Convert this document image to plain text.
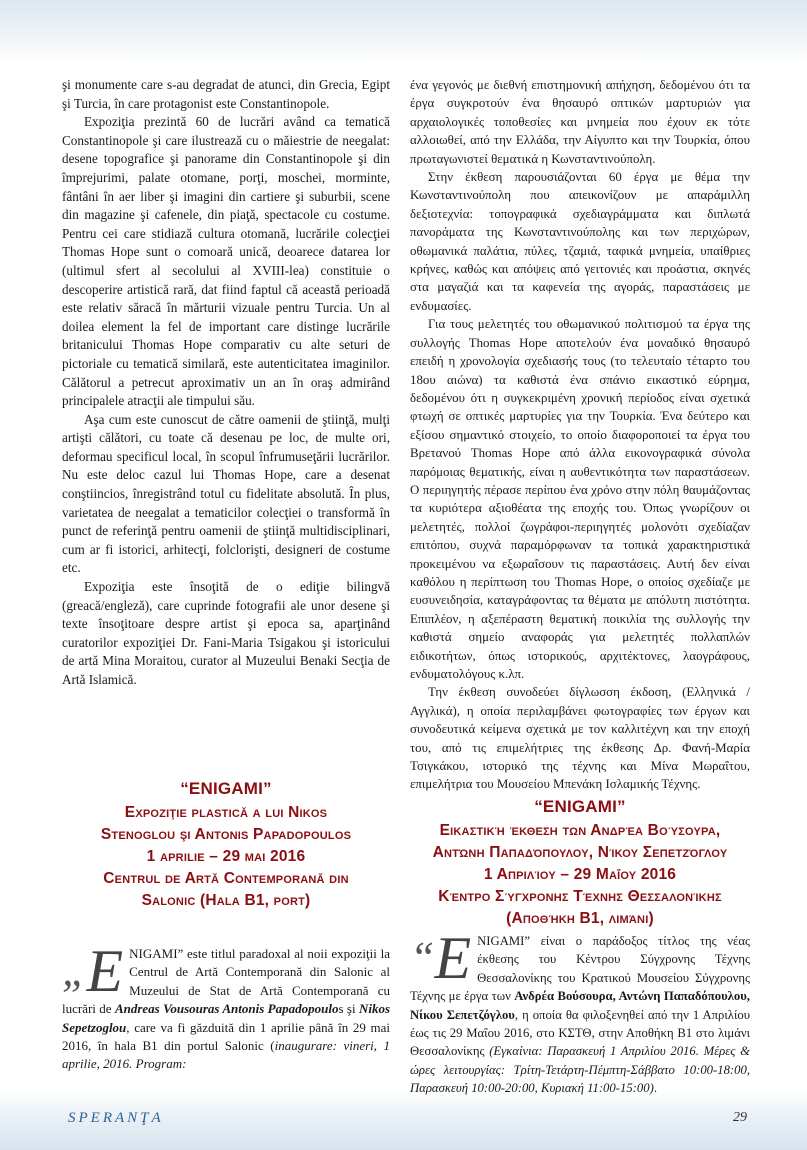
şi monumente care s-au degradat de atunci, din Grecia, Egipt şi Turcia, în care protagonist este Constantinopole.

Expoziţia prezintă 60 de lucrări având ca tematică Constantinopole şi care ilustrează cu o măiestrie de neegalat: desene topografice şi panorame din Constantinopole şi din împrejurimi, palate otomane, porţi, moschei, morminte, fântâni în aer liber şi imagini din cartiere şi suburbii, scene din magazine şi cafenele, din piaţă, spectacole cu costume. Pentru cei care stidiază cultura otomană, lucrările colecţiei Thomas Hope sunt o comoară unică, deoarece datarea lor (ultimul sfert al secolului al XVIII-lea) constituie o descoperire artistică rară, dat fiind faptul că această perioadă este relativ săracă în mărturii vizuale pentru Turcia. Un al doilea element la fel de important care distinge lucrările britanicului Thomas Hope comparativ cu alte seturi de pictoriale cu tematică similară, este autenticitatea imaginilor. Călătorul a petrecut aproximativ un an în oraş admirând principalele atracţii ale timpului său.

Aşa cum este cunoscut de către oamenii de ştiinţă, mulţi artişti călători, cu toate că desenau pe loc, de multe ori, deformau specificul local, în scopul înfrumuseţării lucrărilor. Nu este deloc cazul lui Thomas Hope, care a desenat conştiincios, înregistrând totul cu fidelitate absolută. În plus, varietatea de neegalat a tematicilor colecţiei o transformă în punct de referinţă pentru oamenii de ştiinţă multidisciplinari, cum ar fi istorici, arhitecţi, folclorişti, designeri de costume etc.

Expoziţia este însoţită de o ediţie bilingvă (greacă/engleză), care cuprinde fotografii ale unor desene şi texte însoţitoare despre artist şi epoca sa, aparţinând curatorilor expoziţiei Dr. Fani-Maria Tsigakou şi istoricului de artă Mina Moraitou, curator al Muzeului Benaki Secţia de Artă Islamică.

ένα γεγονός με διεθνή επιστημονική απήχηση, δεδομένου ότι τα έργα συγκροτούν ένα θησαυρό οπτικών μαρτυριών για αρχαιολογικές τοποθεσίες και μνημεία που έχουν εκ τότε αλλοιωθεί, από την Ελλάδα, την Αίγυπτο και την Τουρκία, όπου πρωταγωνιστεί θεματικά η Κωνσταντινούπολη.

Στην έκθεση παρουσιάζονται 60 έργα με θέμα την Κωνσταντινούπολη που απεικονίζουν με απαράμιλλη δεξιοτεχνία: τοπογραφικά σχεδιαγράμματα και διπλωτά πανοράματα της Κωνσταντινούπολης και των περιχώρων, οθωμανικά παλάτια, πύλες, τζαμιά, ταφικά μνημεία, υπαίθριες κρήνες, καθώς και απόψεις από γειτονιές και προάστια, σκηνές στα μαγαζιά και τα καφενεία της αγοράς, παραστάσεις με ενδυμασίες.

Για τους μελετητές του οθωμανικού πολιτισμού τα έργα της συλλογής Thomas Hope αποτελούν ένα μοναδικό θησαυρό επειδή η χρονολογία σχεδιασής τους (το τελευταίο τέταρτο του 18ου αιώνα) τα καθιστά ένα σπάνιο εικαστικό εύρημα, δεδομένου ότι η συγκεκριμένη χρονική περίοδος είναι σχετικά φτωχή σε οπτικές μαρτυρίες για την Τουρκία. Ένα δεύτερο και εξίσου σημαντικό στοιχείο, το οποίο διαφοροποιεί τα έργα του Βρετανού Thomas Hope από άλλα εικονογραφικά σύνολα παρόμοιας θεματικής, είναι η αυθεντικότητα των παραστάσεων. Ο περιηγητής πέρασε περίπου ένα χρόνο στην πόλη θαυμάζοντας τα κυριότερα αξιοθέατα της εποχής του. Όπως γνωρίζουν οι μελετητές, πολλοί ζωγράφοι-περιηγητές μολονότι σχεδίαζαν επιτόπου, συχνά παραμόρφωναν τα τοπικά χαρακτηριστικά προκειμένου να εξωραΐσουν τις παραστάσεις. Αυτή δεν είναι καθόλου η περίπτωση του Thomas Hope, ο οποίος σχεδίαζε με ευσυνειδησία, καταγράφοντας τα θέματα με απόλυτη πιστότητα. Επιπλέον, η αξεπέραστη θεματική ποικιλία της συλλογής την καθιστά σημείο αναφοράς για μελετητές πολλαπλών ειδικοτήτων, όπως ιστορικούς, αρχιτέκτονες, λαογράφους, ενδυματολόγους κ.λπ.

Την έκθεση συνοδεύει δίγλωσση έκδοση, (Ελληνικά / Αγγλικά), η οποία περιλαμβάνει φωτογραφίες των έργων και συνοδευτικά κείμενα σχετικά με τον καλλιτέχνη και την εποχή του, από τις επιμελήτριες της έκθεσης Δρ. Φανή-Μαρία Τσιγκάκου, ιστορικό της τέχνης και Μίνα Μωραΐτου, επιμελήτρια του Μουσείου Μπενάκη Ισλαμικής Τέχνης.

“ENIGAMI”
Expoziţie plastică a lui Nikos
Stenoglou şi Antonis Papadopoulos
1 aprilie – 29 mai 2016
Centrul de Artă Contemporană din
Salonic (Hala B1, port)
“ENIGAMI”
Εικαστική έκθεση των Ανδρέα Βούσουρα,
Αντώνη Παπαδόπουλου, Νίκου Σεπετζόγλου
1 Απριλίου – 29 Μαΐου 2016
Κέντρο Σύγχρονης Τέχνης Θεσσαλονίκης
(Αποθήκη Β1, λιμάνι)
„E NIGAMI” este titlul paradoxal al noii expoziţii la Centrul de Artă Contemporană din Salonic al Muzeului de Stat de Artă Contemporană cu lucrări de Andreas Vousouras Antonis Papadopoulos şi Nikos Sepetzoglou, care va fi găzduită din 1 aprilie până în 29 mai 2016, în hala B1 din portul Salonic (inaugurare: vineri, 1 aprilie, 2016. Program:
“E NIGAMI” είναι ο παράδοξος τίτλος της νέας έκθεσης του Κέντρου Σύγχρονης Τέχνης Θεσσαλονίκης του Κρατικού Μουσείου Σύγχρονης Τέχνης με έργα των Ανδρέα Βούσουρα, Αντώνη Παπαδόπουλου, Νίκου Σεπετζόγλου, η οποία θα φιλοξενηθεί από την 1 Απριλίου έως τις 29 Μαΐου 2016, στο ΚΣΤΘ, στην Αποθήκη Β1 στο λιμάνι Θεσσαλονίκης (Εγκαίνια: Παρασκευή 1 Απριλίου 2016. Μέρες & ώρες λειτουργίας: Τρίτη-Τετάρτη-Πέμπτη-Σάββατο 10:00-18:00, Παρασκευή 10:00-20:00, Κυριακή 11:00-15:00).
SPERANŢA	29
